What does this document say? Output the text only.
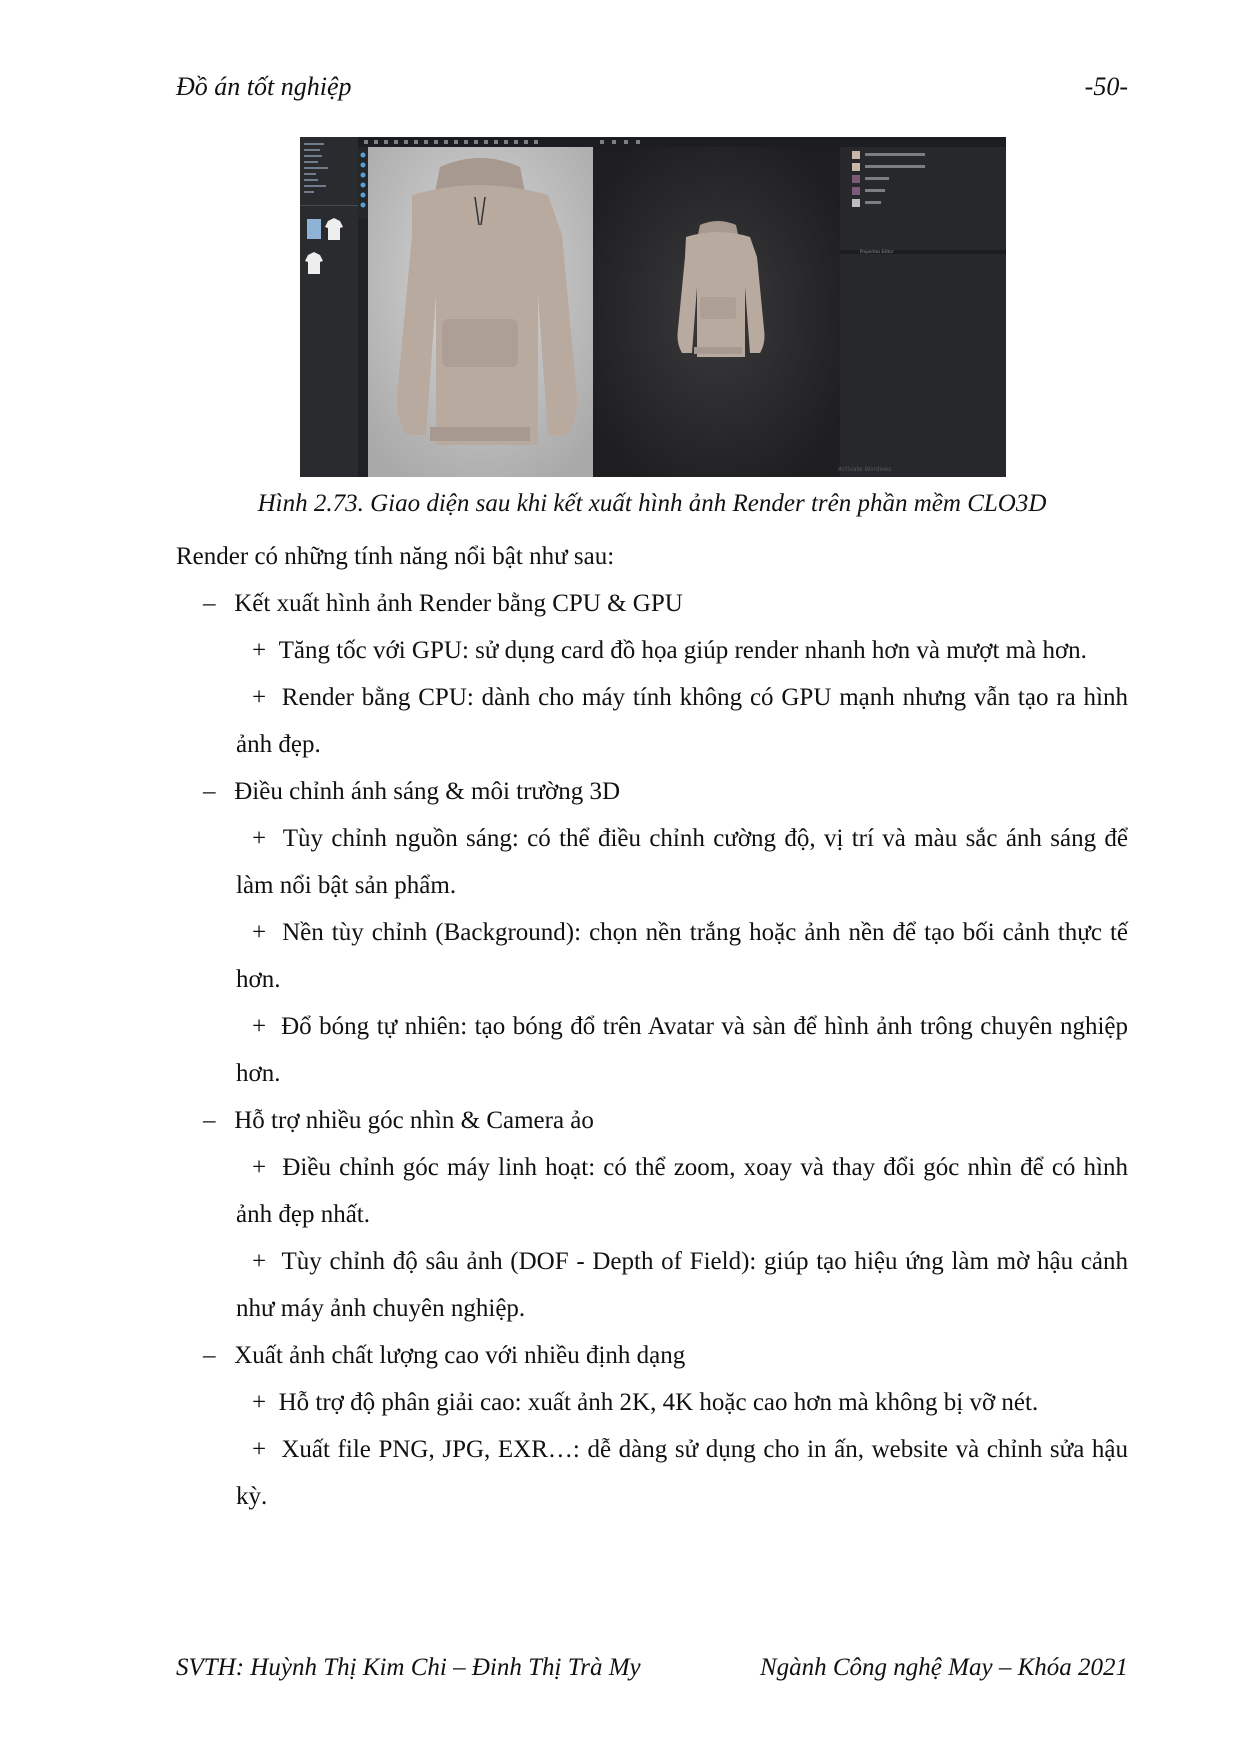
Đồ án tốt nghiệp	-50-
Properties Editor
Activate Windows
Hình 2.73. Giao diện sau khi kết xuất hình ảnh Render trên phần mềm CLO3D

Render có những tính năng nổi bật như sau:

– Kết xuất hình ảnh Render bằng CPU & GPU

+ Tăng tốc với GPU: sử dụng card đồ họa giúp render nhanh hơn và mượt mà hơn.

+ Render bằng CPU: dành cho máy tính không có GPU mạnh nhưng vẫn tạo ra hình ảnh đẹp.

– Điều chỉnh ánh sáng & môi trường 3D

+ Tùy chỉnh nguồn sáng: có thể điều chỉnh cường độ, vị trí và màu sắc ánh sáng để làm nổi bật sản phẩm.

+ Nền tùy chỉnh (Background): chọn nền trắng hoặc ảnh nền để tạo bối cảnh thực tế hơn.

+ Đổ bóng tự nhiên: tạo bóng đổ trên Avatar và sàn để hình ảnh trông chuyên nghiệp hơn.

– Hỗ trợ nhiều góc nhìn & Camera ảo

+ Điều chỉnh góc máy linh hoạt: có thể zoom, xoay và thay đổi góc nhìn để có hình ảnh đẹp nhất.

+ Tùy chỉnh độ sâu ảnh (DOF - Depth of Field): giúp tạo hiệu ứng làm mờ hậu cảnh như máy ảnh chuyên nghiệp.

– Xuất ảnh chất lượng cao với nhiều định dạng

+ Hỗ trợ độ phân giải cao: xuất ảnh 2K, 4K hoặc cao hơn mà không bị vỡ nét.

+ Xuất file PNG, JPG, EXR…: dễ dàng sử dụng cho in ấn, website và chỉnh sửa hậu kỳ.

SVTH: Huỳnh Thị Kim Chi – Đinh Thị Trà My	Ngành Công nghệ May – Khóa 2021
